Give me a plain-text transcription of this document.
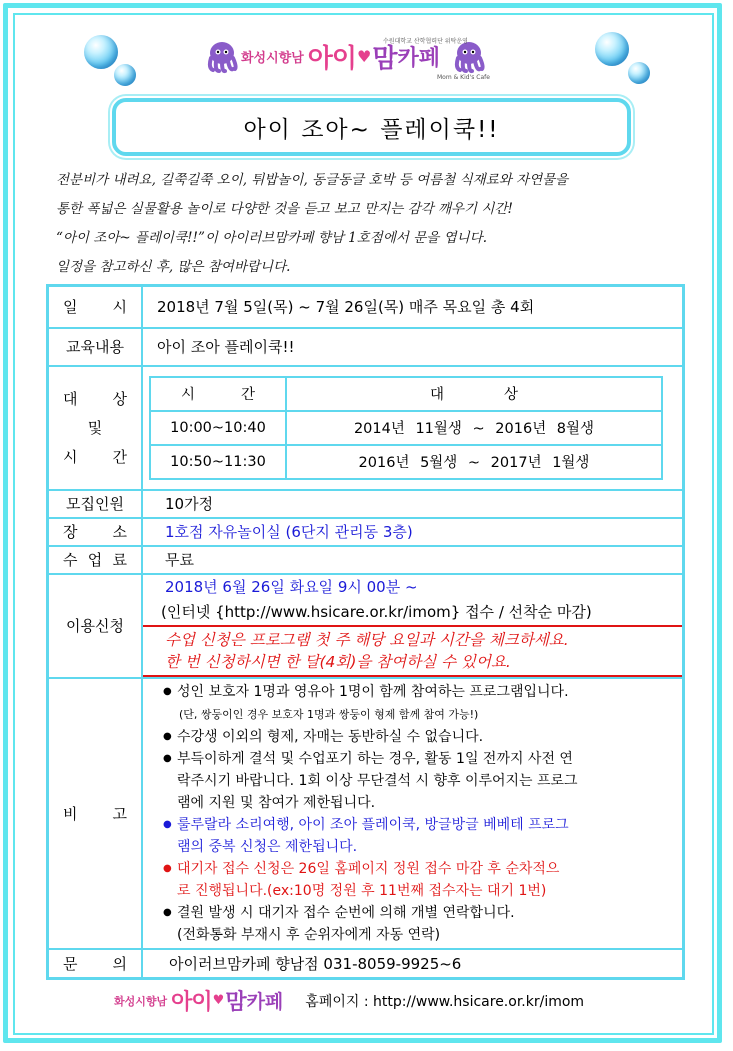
화성시향남 아이 ♥ 맘 카페
수원대학교 산학협력단 위탁운영
Mom & Kid's Cafe
아이 조아~ 플레이쿡!!
전분비가 내려요, 길쭉길쭉 오이, 튀밥놀이, 동글동글 호박 등 여름철 식재료와 자연물을
통한 폭넓은 실물활용 놀이로 다양한 것을 듣고 보고 만지는 감각 깨우기 시간!
“아이 조아~ 플레이쿡!!”이 아이러브맘카페 향남 1호점에서 문을 엽니다.
일정을 참고하신 후, 많은 참여바랍니다.
일 시	2018년 7월 5일(목) ~ 7월 26일(목) 매주 목요일 총 4회
교육내용	아이 조아 플레이쿡!!

대 상
및
시 간

시	간	대	상
10:00~10:40	2014년 11월생 ~ 2016년 8월생
10:50~11:30	2016년 5월생 ~ 2017년 1월생

모집인원	10가정

장 소	1호점 자유놀이실 (6단지 관리동 3층)

수 업 료	무료
이용신청	
2018년 6월 26일 화요일 9시 00분 ~
(인터넷 {http://www.hsicare.or.kr/imom} 접수 / 선착순 마감)
수업 신청은 프로그램 첫 주 해당 요일과 시간을 체크하세요.
한 번 신청하시면 한 달(4회)을 참여하실 수 있어요.

비 고

● 성인 보호자 1명과 영유아 1명이 함께 참여하는 프로그램입니다.
(단, 쌍둥이인 경우 보호자 1명과 쌍둥이 형제 함께 참여 가능!)
● 수강생 이외의 형제, 자매는 동반하실 수 없습니다.
● 부득이하게 결석 및 수업포기 하는 경우, 활동 1일 전까지 사전 연
락주시기 바랍니다. 1회 이상 무단결석 시 향후 이루어지는 프로그
램에 지원 및 참여가 제한됩니다.
● 룰루랄라 소리여행, 아이 조아 플레이쿡, 방글방글 베베테 프로그
램의 중복 신청은 제한됩니다.
● 대기자 접수 신청은 26일 홈페이지 정원 접수 마감 후 순차적으
로 진행됩니다.(ex:10명 정원 후 11번째 접수자는 대기 1번)
● 결원 발생 시 대기자 접수 순번에 의해 개별 연락합니다.
(전화통화 부재시 후 순위자에게 자동 연락)

문 의	아이러브맘카페 향남점 031-8059-9925~6
화성시향남 아이 ♥ 맘 카페 홈페이지 : http://www.hsicare.or.kr/imom
